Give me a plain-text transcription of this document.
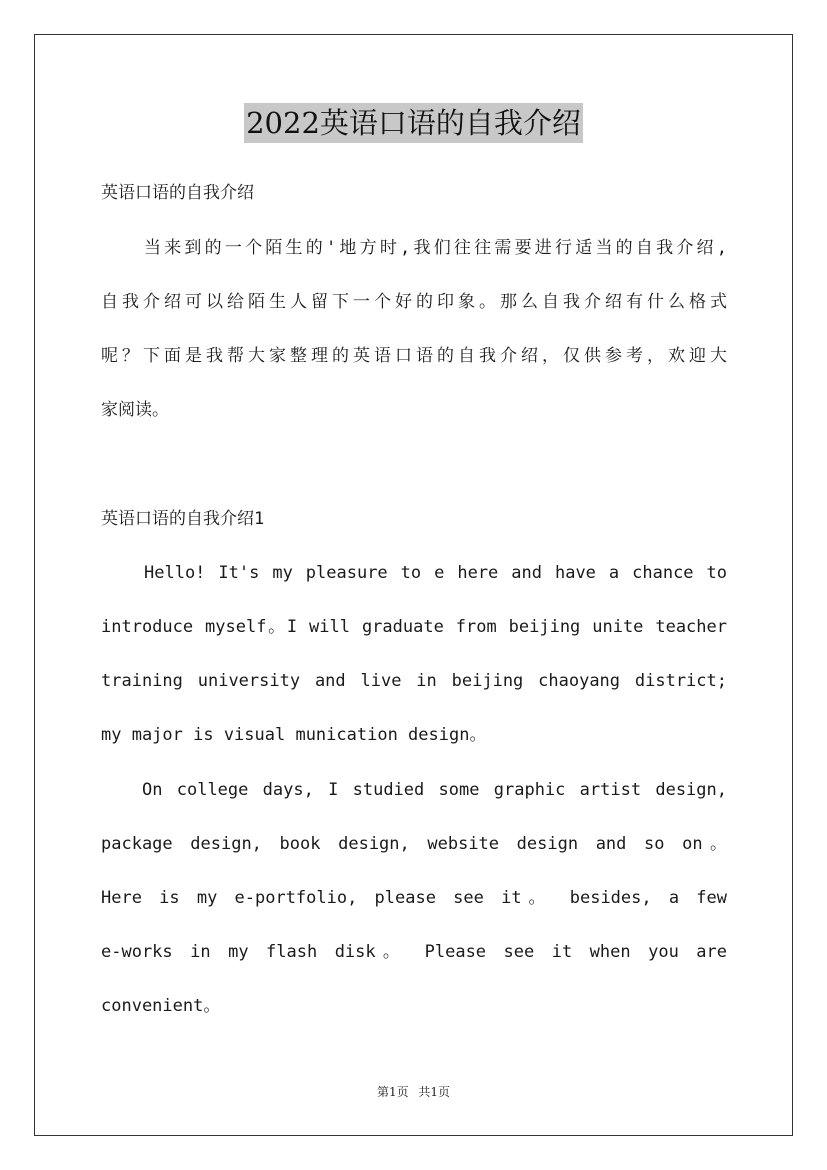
2022英语口语的自我介绍
英语口语的自我介绍
当来到的一个陌生的'地方时,我们往往需要进行适当的自我介绍,
自我介绍可以给陌生人留下一个好的印象。那么自我介绍有什么格式
呢？下面是我帮大家整理的英语口语的自我介绍，仅供参考，欢迎大
家阅读。
英语口语的自我介绍1
Hello! It's my pleasure to e here and have a chance to
introduce myself。I will graduate from beijing unite teacher
training university and live in beijing chaoyang district;
my major is visual munication design。
On college days, I studied some graphic artist design,
package design, book design, website design and so on。
Here is my e-portfolio, please see it。 besides, a few
e-works in my flash disk。 Please see it when you are
convenient。
第1页 共1页
